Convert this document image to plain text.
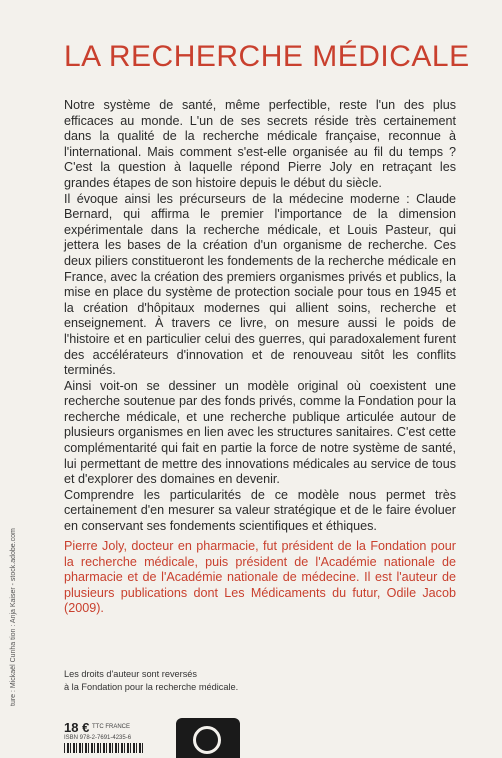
LA RECHERCHE MÉDICALE

Notre système de santé, même perfectible, reste l'un des plus efficaces au monde. L'un de ses secrets réside très certainement dans la qualité de la recherche médicale française, reconnue à l'international. Mais comment s'est-elle organisée au fil du temps ? C'est la question à laquelle répond Pierre Joly en retraçant les grandes étapes de son histoire depuis le début du siècle.

Il évoque ainsi les précurseurs de la médecine moderne : Claude Bernard, qui affirma le premier l'importance de la dimension expérimentale dans la recherche médicale, et Louis Pasteur, qui jettera les bases de la création d'un organisme de recherche. Ces deux piliers constitueront les fondements de la recherche médicale en France, avec la création des premiers organismes privés et publics, la mise en place du système de protection sociale pour tous en 1945 et la création d'hôpitaux modernes qui allient soins, recherche et enseignement. À travers ce livre, on mesure aussi le poids de l'histoire et en particulier celui des guerres, qui paradoxalement furent des accélérateurs d'innovation et de renouveau sitôt les conflits terminés.

Ainsi voit-on se dessiner un modèle original où coexistent une recherche soutenue par des fonds privés, comme la Fondation pour la recherche médicale, et une recherche publique articulée autour de plusieurs organismes en lien avec les structures sanitaires. C'est cette complémentarité qui fait en partie la force de notre système de santé, lui permettant de mettre des innovations médicales au service de tous et d'explorer des domaines en devenir.

Comprendre les particularités de ce modèle nous permet très certainement d'en mesurer sa valeur stratégique et de le faire évoluer en conservant ses fondements scientifiques et éthiques.

Pierre Joly, docteur en pharmacie, fut président de la Fondation pour la recherche médicale, puis président de l'Académie nationale de pharmacie et de l'Académie nationale de médecine. Il est l'auteur de plusieurs publications dont Les Médicaments du futur, Odile Jacob (2009).

Les droits d'auteur sont reversés

à la Fondation pour la recherche médicale.

ture : Mickaël Cunha tion : Anja Kaiser - stock.adobe.com
18 € TTC FRANCE
ISBN 978-2-7691-4235-6
